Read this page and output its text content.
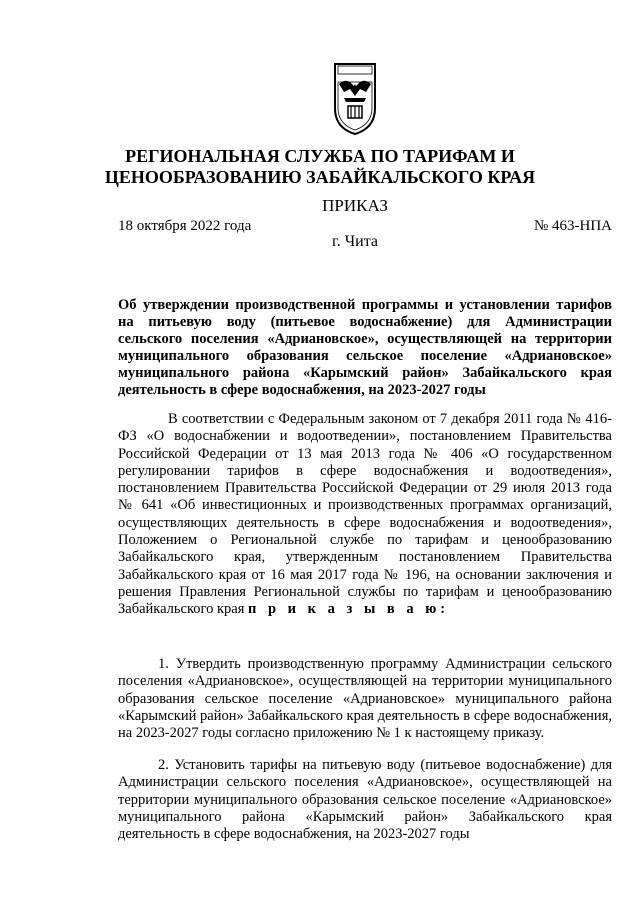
РЕГИОНАЛЬНАЯ СЛУЖБА ПО ТАРИФАМ И
ЦЕНООБРАЗОВАНИЮ ЗАБАЙКАЛЬСКОГО КРАЯ
ПРИКАЗ
18 октября 2022 года	№ 463-НПА
г. Чита
Об утверждении производственной программы и установлении тарифов на питьевую воду (питьевое водоснабжение) для Администрации сельского поселения «Адриановское», осуществляющей на территории муниципального образования сельское поселение «Адриановское» муниципального района «Карымский район» Забайкальского края деятельность в сфере водоснабжения, на 2023-2027 годы
В соответствии с Федеральным законом от 7 декабря 2011 года № 416-ФЗ «О водоснабжении и водоотведении», постановлением Правительства Российской Федерации от 13 мая 2013 года № 406 «О государственном регулировании тарифов в сфере водоснабжения и водоотведения», постановлением Правительства Российской Федерации от 29 июля 2013 года № 641 «Об инвестиционных и производственных программах организаций, осуществляющих деятельность в сфере водоснабжения и водоотведения», Положением о Региональной службе по тарифам и ценообразованию Забайкальского края, утвержденным постановлением Правительства Забайкальского края от 16 мая 2017 года № 196, на основании заключения и решения Правления Региональной службы по тарифам и ценообразованию Забайкальского края п р и к а з ы в а ю:
1. Утвердить производственную программу Администрации сельского поселения «Адриановское», осуществляющей на территории муниципального образования сельское поселение «Адриановское» муниципального района «Карымский район» Забайкальского края деятельность в сфере водоснабжения, на 2023-2027 годы согласно приложению № 1 к настоящему приказу.
2. Установить тарифы на питьевую воду (питьевое водоснабжение) для Администрации сельского поселения «Адриановское», осуществляющей на территории муниципального образования сельское поселение «Адриановское» муниципального района «Карымский район» Забайкальского края деятельность в сфере водоснабжения, на 2023-2027 годы
